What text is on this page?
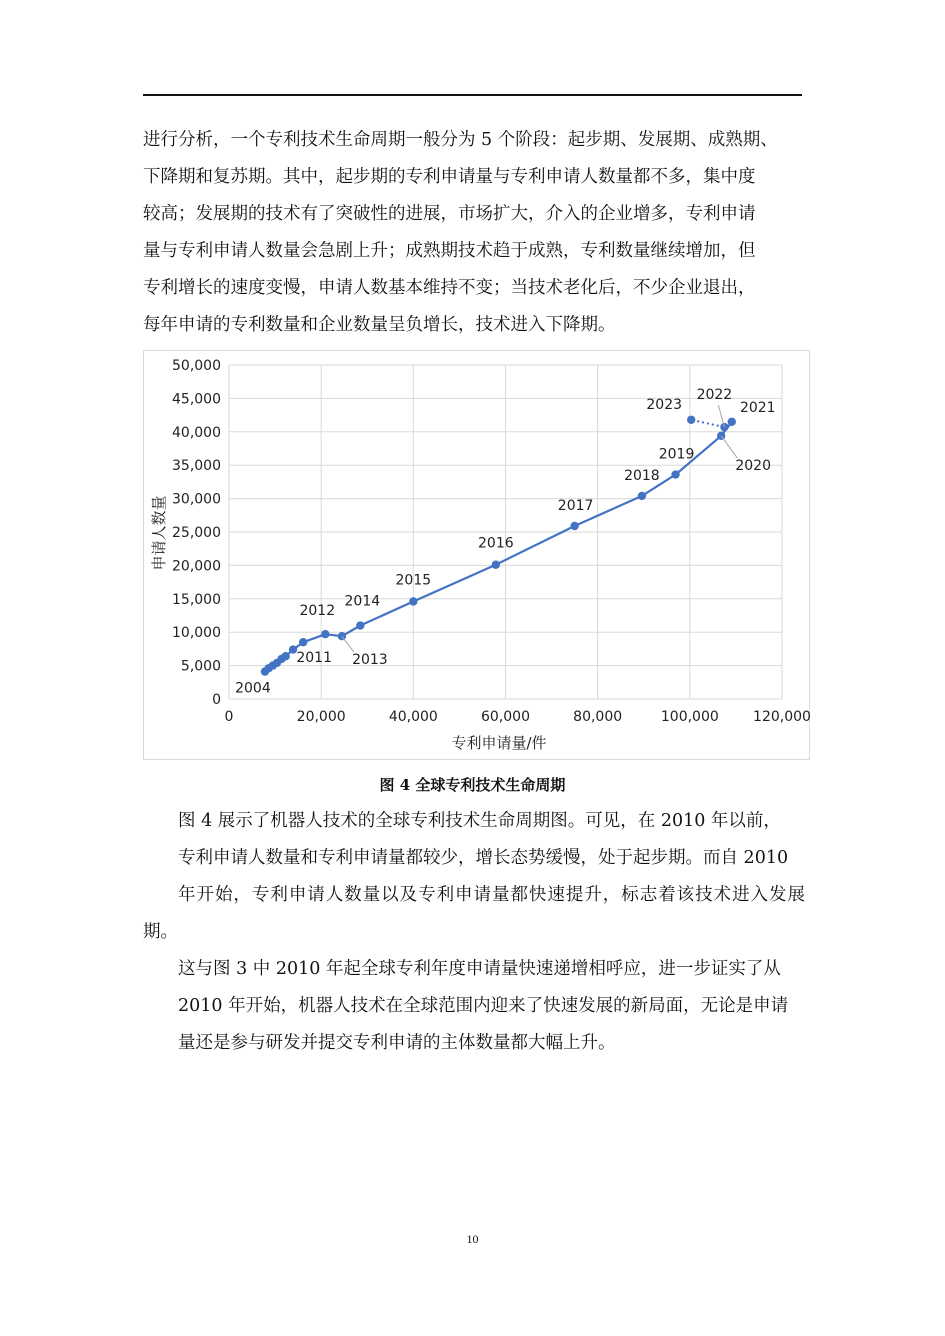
进行分析，一个专利技术生命周期一般分为 5 个阶段：起步期、发展期、成熟期、
下降期和复苏期。其中，起步期的专利申请量与专利申请人数量都不多，集中度
较高；发展期的技术有了突破性的进展，市场扩大，介入的企业增多，专利申请
量与专利申请人数量会急剧上升；成熟期技术趋于成熟，专利数量继续增加，但
专利增长的速度变慢，申请人数基本维持不变；当技术老化后，不少企业退出，
每年申请的专利数量和企业数量呈负增长，技术进入下降期。

0	20,000	40,000	60,000	80,000	100,000 120,000
0
5,000
10,000
15,000
20,000
25,000
30,000
35,000
40,000
45,000
50,000
2004
2011
2012
2013
2014
2015
2016
2017
2018
2019
2020
2021
2022
2023
专利申请量/件
申请人数量
图 4 全球专利技术生命周期

图 4 展示了机器人技术的全球专利技术生命周期图。可见，在 2010 年以前，
专利申请人数量和专利申请量都较少，增长态势缓慢，处于起步期。而自 2010
年开始，专利申请人数量以及专利申请量都快速提升，标志着该技术进入发展期。
这与图 3 中 2010 年起全球专利年度申请量快速递增相呼应，进一步证实了从
2010 年开始，机器人技术在全球范围内迎来了快速发展的新局面，无论是申请
量还是参与研发并提交专利申请的主体数量都大幅上升。

10
